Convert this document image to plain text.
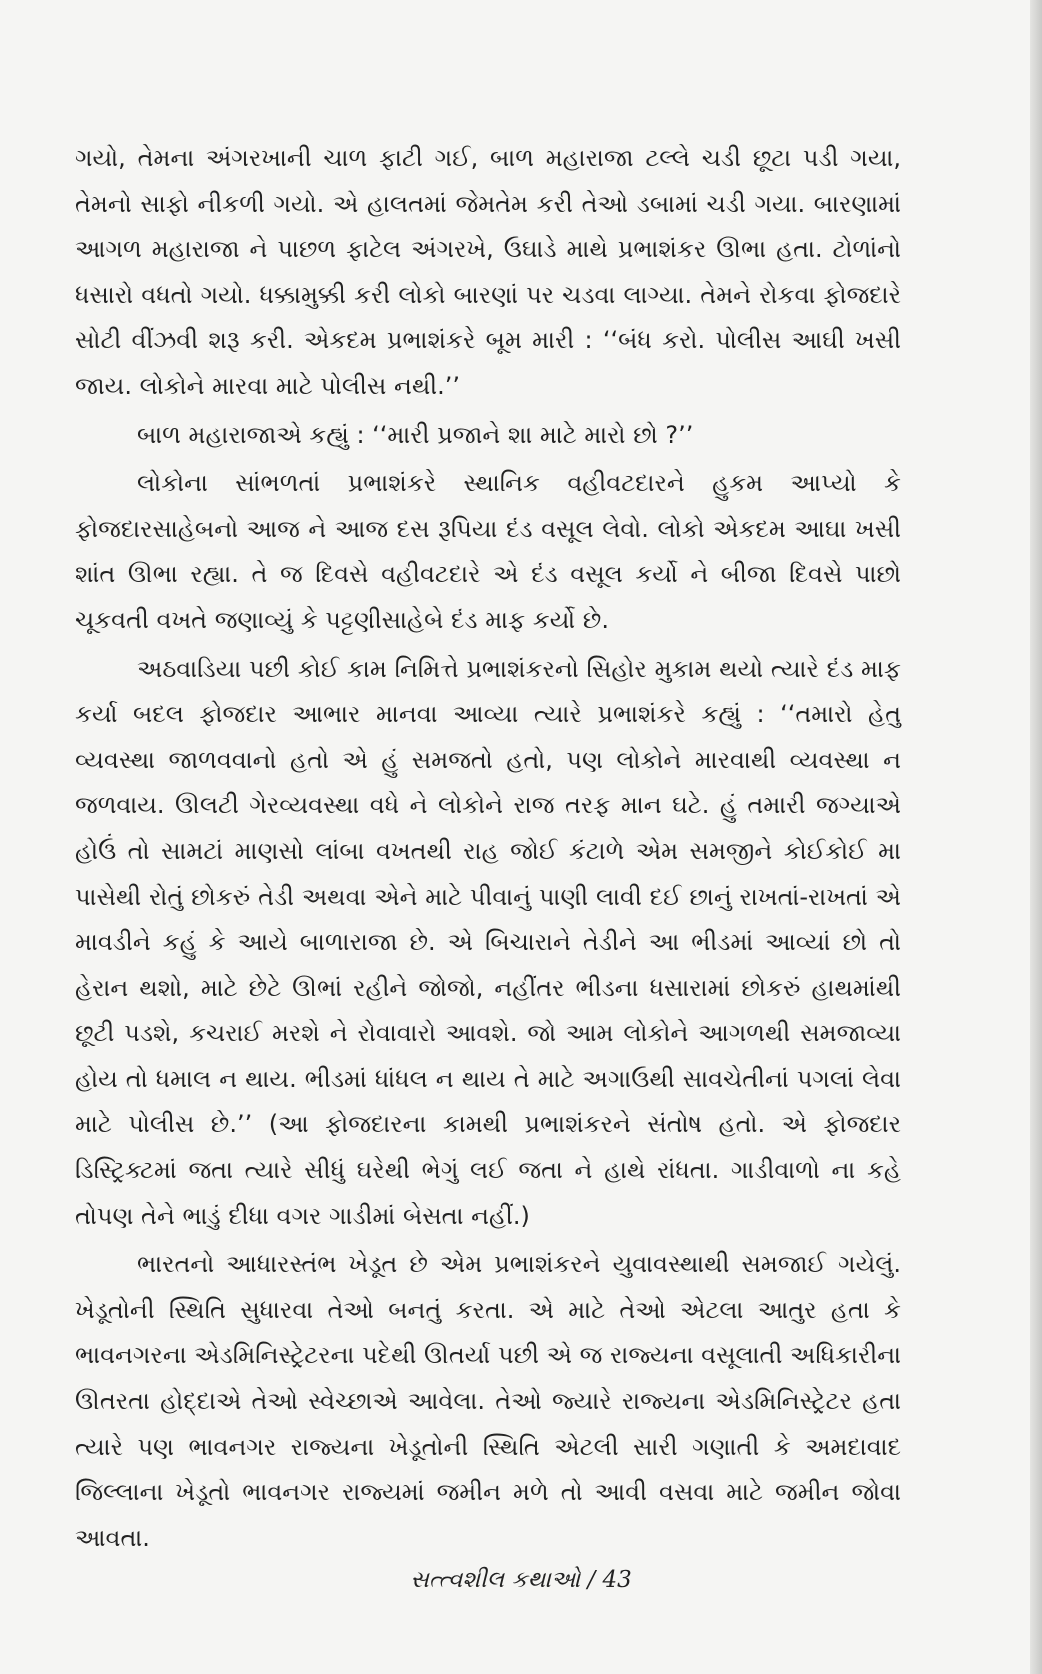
ગયો, તેમના અંગરખાની ચાળ ફાટી ગઈ, બાળ મહારાજા ટલ્લે ચડી છૂટા પડી ગયા, તેમનો સાફો નીકળી ગયો. એ હાલતમાં જેમતેમ કરી તેઓ ડબામાં ચડી ગયા. બારણામાં આગળ મહારાજા ને પાછળ ફાટેલ અંગરખે, ઉઘાડે માથે પ્રભાશંકર ઊભા હતા. ટોળાંનો ધસારો વધતો ગયો. ધક્કામુક્કી કરી લોકો બારણાં પર ચડવા લાગ્યા. તેમને રોકવા ફોજદારે સોટી વીંઝવી શરૂ કરી. એકદમ પ્રભાશંકરે બૂમ મારી : ‘‘બંધ કરો. પોલીસ આઘી ખસી જાય. લોકોને મારવા માટે પોલીસ નથી.’’

બાળ મહારાજાએ કહ્યું : ‘‘મારી પ્રજાને શા માટે મારો છો ?’’

લોકોના સાંભળતાં પ્રભાશંકરે સ્થાનિક વહીવટદારને હુકમ આપ્યો કે ફોજદારસાહેબનો આજ ને આજ દસ રૂપિયા દંડ વસૂલ લેવો. લોકો એકદમ આઘા ખસી શાંત ઊભા રહ્યા. તે જ દિવસે વહીવટદારે એ દંડ વસૂલ કર્યો ને બીજા દિવસે પાછો ચૂકવતી વખતે જણાવ્યું કે પટ્ટણીસાહેબે દંડ માફ કર્યો છે.

અઠવાડિયા પછી કોઈ કામ નિમિત્તે પ્રભાશંકરનો સિહોર મુકામ થયો ત્યારે દંડ માફ કર્યા બદલ ફોજદાર આભાર માનવા આવ્યા ત્યારે પ્રભાશંકરે કહ્યું : ‘‘તમારો હેતુ વ્યવસ્થા જાળવવાનો હતો એ હું સમજતો હતો, પણ લોકોને મારવાથી વ્યવસ્થા ન જળવાય. ઊલટી ગેરવ્યવસ્થા વધે ને લોકોને રાજ તરફ માન ઘટે. હું તમારી જગ્યાએ હોઉં તો સામટાં માણસો લાંબા વખતથી રાહ જોઈ કંટાળે એમ સમજીને કોઈકોઈ મા પાસેથી રોતું છોકરું તેડી અથવા એને માટે પીવાનું પાણી લાવી દઈ છાનું રાખતાં-રાખતાં એ માવડીને કહું કે આયે બાળારાજા છે. એ બિચારાને તેડીને આ ભીડમાં આવ્યાં છો તો હેરાન થશો, માટે છેટે ઊભાં રહીને જોજો, નહીંતર ભીડના ધસારામાં છોકરું હાથમાંથી છૂટી પડશે, કચરાઈ મરશે ને રોવાવારો આવશે. જો આમ લોકોને આગળથી સમજાવ્યા હોય તો ધમાલ ન થાય. ભીડમાં ધાંધલ ન થાય તે માટે અગાઉથી સાવચેતીનાં પગલાં લેવા માટે પોલીસ છે.’’ (આ ફોજદારના કામથી પ્રભાશંકરને સંતોષ હતો. એ ફોજદાર ડિસ્ટ્રિક્ટમાં જતા ત્યારે સીધું ઘરેથી ભેગું લઈ જતા ને હાથે રાંધતા. ગાડીવાળો ના કહે તોપણ તેને ભાડું દીધા વગર ગાડીમાં બેસતા નહીં.)

ભારતનો આધારસ્તંભ ખેડૂત છે એમ પ્રભાશંકરને યુવાવસ્થાથી સમજાઈ ગયેલું. ખેડૂતોની સ્થિતિ સુધારવા તેઓ બનતું કરતા. એ માટે તેઓ એટલા આતુર હતા કે ભાવનગરના એડમિનિસ્ટ્રેટરના પદેથી ઊતર્યા પછી એ જ રાજ્યના વસૂલાતી અધિકારીના ઊતરતા હોદ્દાએ તેઓ સ્વેચ્છાએ આવેલા. તેઓ જ્યારે રાજ્યના એડમિનિસ્ટ્રેટર હતા ત્યારે પણ ભાવનગર રાજ્યના ખેડૂતોની સ્થિતિ એટલી સારી ગણાતી કે અમદાવાદ જિલ્લાના ખેડૂતો ભાવનગર રાજ્યમાં જમીન મળે તો આવી વસવા માટે જમીન જોવા આવતા.

સત્ત્વશીલ કથાઓ / 43
